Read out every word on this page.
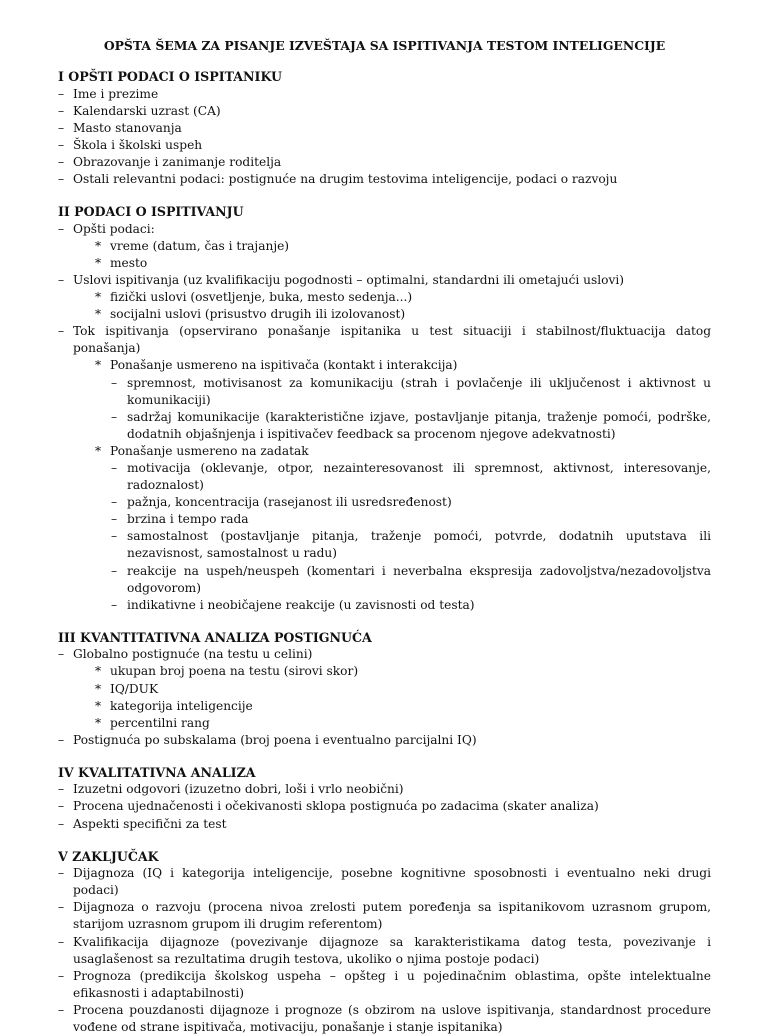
OPŠTA ŠEMA ZA PISANJE IZVEŠTAJA SA ISPITIVANJA TESTOM INTELIGENCIJE
I OPŠTI PODACI O ISPITANIKU
– Ime i prezime
– Kalendarski uzrast (CA)
– Masto stanovanja
– Škola i školski uspeh
– Obrazovanje i zanimanje roditelja
– Ostali relevantni podaci: postignuće na drugim testovima inteligencije, podaci o razvoju
II PODACI O ISPITIVANJU
– Opšti podaci:
* vreme (datum, čas i trajanje)
* mesto
– Uslovi ispitivanja (uz kvalifikaciju pogodnosti – optimalni, standardni ili ometajući uslovi)
* fizički uslovi (osvetljenje, buka, mesto sedenja...)
* socijalni uslovi (prisustvo drugih ili izolovanost)
– Tok ispitivanja (opservirano ponašanje ispitanika u test situaciji i stabilnost/fluktuacija datog ponašanja)
* Ponašanje usmereno na ispitivača (kontakt i interakcija)
– spremnost, motivisanost za komunikaciju (strah i povlačenje ili uključenost i aktivnost u komunikaciji)
– sadržaj komunikacije (karakteristične izjave, postavljanje pitanja, traženje pomoći, podrške, dodatnih objašnjenja i ispitivačev feedback sa procenom njegove adekvatnosti)
* Ponašanje usmereno na zadatak
– motivacija (oklevanje, otpor, nezainteresovanost ili spremnost, aktivnost, interesovanje, radoznalost)
– pažnja, koncentracija (rasejanost ili usredsređenost)
– brzina i tempo rada
– samostalnost (postavljanje pitanja, traženje pomoći, potvrde, dodatnih uputstava ili nezavisnost, samostalnost u radu)
– reakcije na uspeh/neuspeh (komentari i neverbalna ekspresija zadovoljstva/nezadovoljstva odgovorom)
– indikativne i neobičajene reakcije (u zavisnosti od testa)
III KVANTITATIVNA ANALIZA POSTIGNUĆA
– Globalno postignuće (na testu u celini)
* ukupan broj poena na testu (sirovi skor)
* IQ/DUK
* kategorija inteligencije
* percentilni rang
– Postignuća po subskalama (broj poena i eventualno parcijalni IQ)
IV KVALITATIVNA ANALIZA
– Izuzetni odgovori (izuzetno dobri, loši i vrlo neobični)
– Procena ujednačenosti i očekivanosti sklopa postignuća po zadacima (skater analiza)
– Aspekti specifični za test
V ZAKLJUČAK
– Dijagnoza (IQ i kategorija inteligencije, posebne kognitivne sposobnosti i eventualno neki drugi podaci)
– Dijagnoza o razvoju (procena nivoa zrelosti putem poređenja sa ispitanikovom uzrasnom grupom, starijom uzrasnom grupom ili drugim referentom)
– Kvalifikacija dijagnoze (povezivanje dijagnoze sa karakteristikama datog testa, povezivanje i usaglašenost sa rezultatima drugih testova, ukoliko o njima postoje podaci)
– Prognoza (predikcija školskog uspeha – opšteg i u pojedinačnim oblastima, opšte intelektualne efikasnosti i adaptabilnosti)
– Procena pouzdanosti dijagnoze i prognoze (s obzirom na uslove ispitivanja, standardnost procedure vođene od strane ispitivača, motivaciju, ponašanje i stanje ispitanika)
